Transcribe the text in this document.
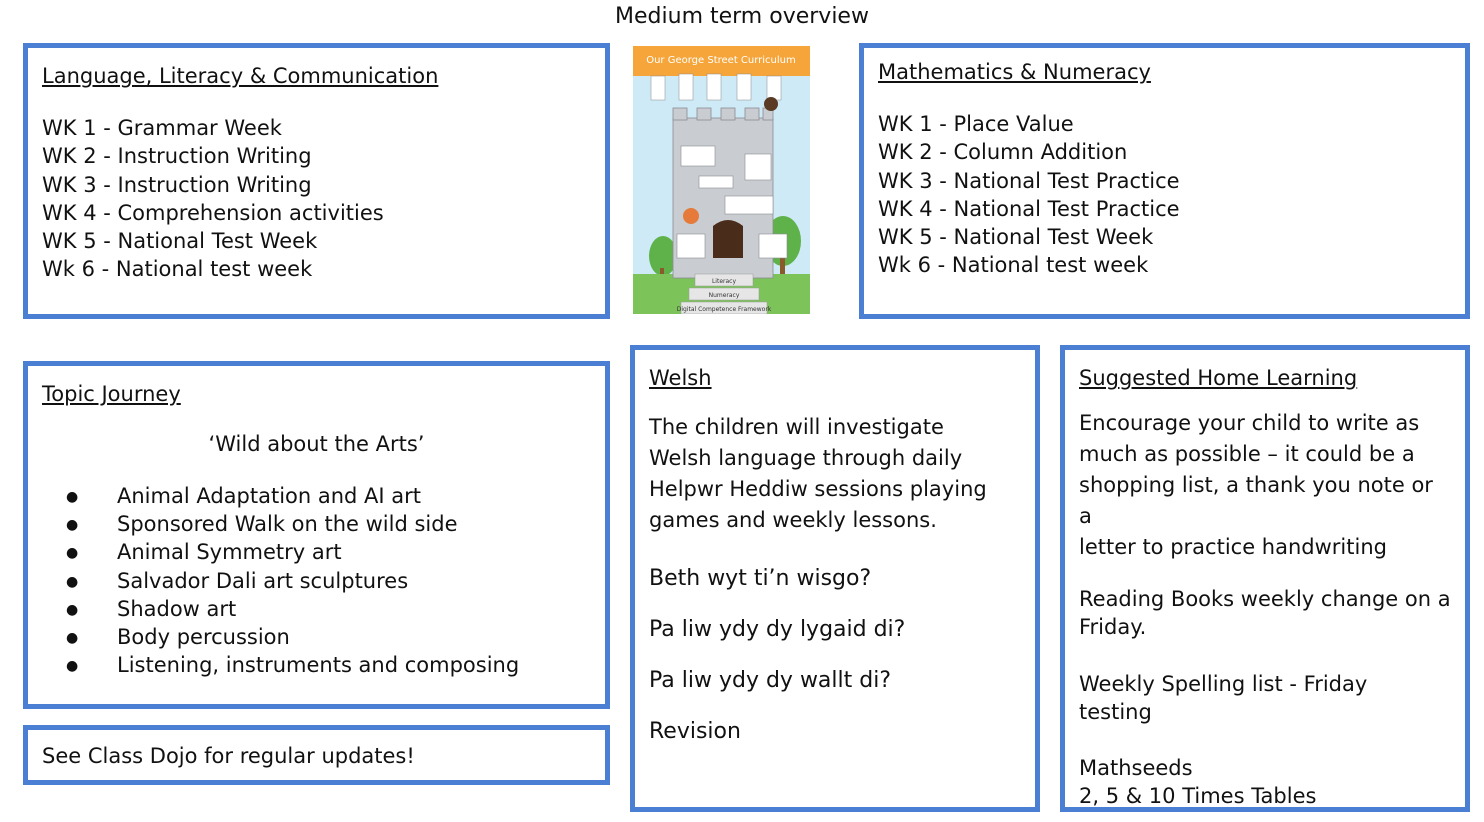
Medium term overview
Language, Literacy & Communication
WK 1 - Grammar Week
WK 2 - Instruction Writing
WK 3 - Instruction Writing
WK 4 - Comprehension activities
WK 5 - National Test Week
Wk 6 - National test week
Our George Street Curriculum
Literacy
Numeracy
Digital Competence Framework
Mathematics & Numeracy
WK 1 - Place Value
WK 2 - Column Addition
WK 3 - National Test Practice
WK 4 - National Test Practice
WK 5 - National Test Week
Wk 6 - National test week
Topic Journey
‘Wild about the Arts’
● Animal Adaptation and AI art
● Sponsored Walk on the wild side
● Animal Symmetry art
● Salvador Dali art sculptures
● Shadow art
● Body percussion
● Listening, instruments and composing
See Class Dojo for regular updates!
Welsh
The children will investigate
Welsh language through daily
Helpwr Heddiw sessions playing
games and weekly lessons.
Beth wyt ti’n wisgo?
Pa liw ydy dy lygaid di?
Pa liw ydy dy wallt di?
Revision
Suggested Home Learning
Encourage your child to write as
much as possible – it could be a
shopping list, a thank you note or a
letter to practice handwriting
Reading Books weekly change on a
Friday.
Weekly Spelling list - Friday
testing
Mathseeds
2, 5 & 10 Times Tables
